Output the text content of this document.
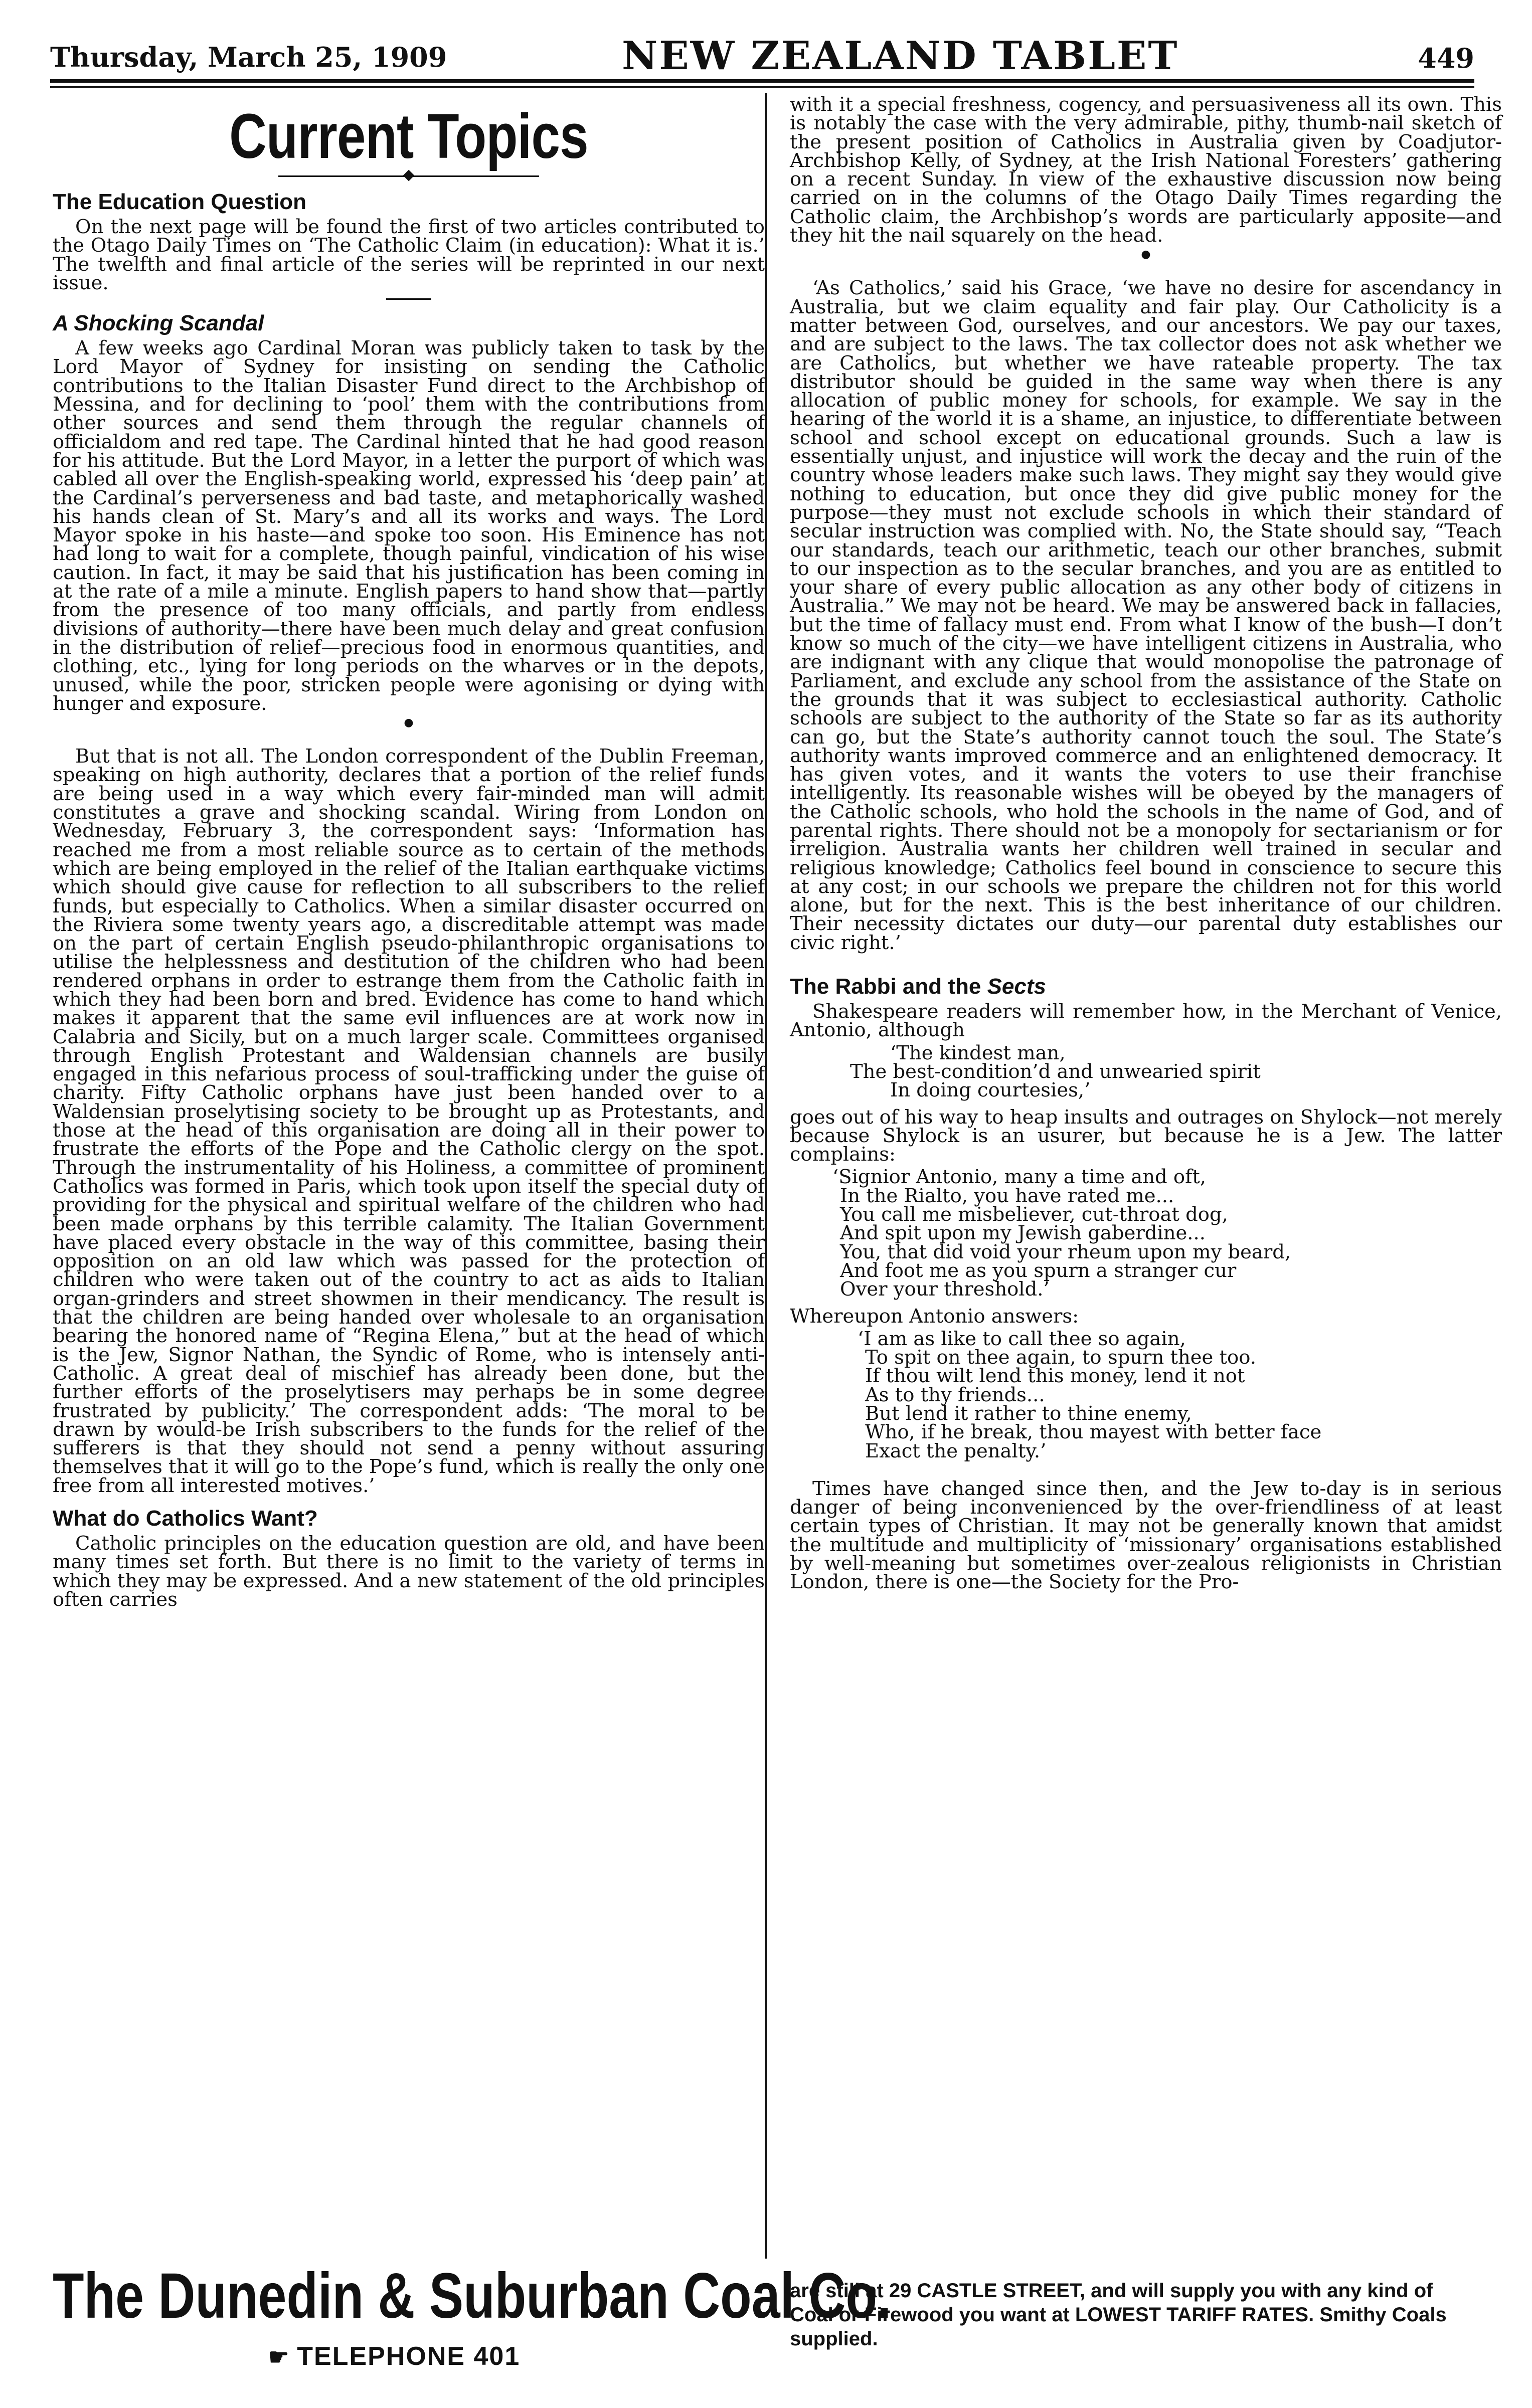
Thursday, March 25, 1909	NEW ZEALAND TABLET	449
Current Topics
The Education Question

On the next page will be found the first of two articles contributed to the Otago Daily Times on ‘The Catholic Claim (in education): What it is.’ The twelfth and final article of the series will be reprinted in our next issue.

A Shocking Scandal

A few weeks ago Cardinal Moran was publicly taken to task by the Lord Mayor of Sydney for insisting on sending the Catholic contributions to the Italian Disaster Fund direct to the Archbishop of Messina, and for declining to ‘pool’ them with the contributions from other sources and send them through the regular channels of officialdom and red tape. The Cardinal hinted that he had good reason for his attitude. But the Lord Mayor, in a letter the purport of which was cabled all over the English-speaking world, expressed his ‘deep pain’ at the Cardinal’s perverseness and bad taste, and metaphorically washed his hands clean of St. Mary’s and all its works and ways. The Lord Mayor spoke in his haste—and spoke too soon. His Eminence has not had long to wait for a complete, though painful, vindication of his wise caution. In fact, it may be said that his justification has been coming in at the rate of a mile a minute. English papers to hand show that—partly from the presence of too many officials, and partly from endless divisions of authority—there have been much delay and great confusion in the distribution of relief—precious food in enormous quantities, and clothing, etc., lying for long periods on the wharves or in the depots, unused, while the poor, stricken people were agonising or dying with hunger and exposure.

●

But that is not all. The London correspondent of the Dublin Freeman, speaking on high authority, declares that a portion of the relief funds are being used in a way which every fair-minded man will admit constitutes a grave and shocking scandal. Wiring from London on Wednesday, February 3, the correspondent says: ‘Information has reached me from a most reliable source as to certain of the methods which are being employed in the relief of the Italian earthquake victims which should give cause for reflection to all subscribers to the relief funds, but especially to Catholics. When a similar disaster occurred on the Riviera some twenty years ago, a discreditable attempt was made on the part of certain English pseudo-philanthropic organisations to utilise the helplessness and destitution of the children who had been rendered orphans in order to estrange them from the Catholic faith in which they had been born and bred. Evidence has come to hand which makes it apparent that the same evil influences are at work now in Calabria and Sicily, but on a much larger scale. Committees organised through English Protestant and Waldensian channels are busily engaged in this nefarious process of soul-trafficking under the guise of charity. Fifty Catholic orphans have just been handed over to a Waldensian proselytising society to be brought up as Protestants, and those at the head of this organisation are doing all in their power to frustrate the efforts of the Pope and the Catholic clergy on the spot. Through the instrumentality of his Holiness, a committee of prominent Catholics was formed in Paris, which took upon itself the special duty of providing for the physical and spiritual welfare of the children who had been made orphans by this terrible calamity. The Italian Government have placed every obstacle in the way of this committee, basing their opposition on an old law which was passed for the protection of children who were taken out of the country to act as aids to Italian organ-grinders and street showmen in their mendicancy. The result is that the children are being handed over wholesale to an organisation bearing the honored name of “Regina Elena,” but at the head of which is the Jew, Signor Nathan, the Syndic of Rome, who is intensely anti-Catholic. A great deal of mischief has already been done, but the further efforts of the proselytisers may perhaps be in some degree frustrated by publicity.’ The correspondent adds: ‘The moral to be drawn by would-be Irish subscribers to the funds for the relief of the sufferers is that they should not send a penny without assuring themselves that it will go to the Pope’s fund, which is really the only one free from all interested motives.’

What do Catholics Want?

Catholic principles on the education question are old, and have been many times set forth. But there is no limit to the variety of terms in which they may be expressed. And a new statement of the old principles often carries

with it a special freshness, cogency, and persuasiveness all its own. This is notably the case with the very admirable, pithy, thumb-nail sketch of the present position of Catholics in Australia given by Coadjutor-Archbishop Kelly, of Sydney, at the Irish National Foresters’ gathering on a recent Sunday. In view of the exhaustive discussion now being carried on in the columns of the Otago Daily Times regarding the Catholic claim, the Archbishop’s words are particularly apposite—and they hit the nail squarely on the head.

●

‘As Catholics,’ said his Grace, ‘we have no desire for ascendancy in Australia, but we claim equality and fair play. Our Catholicity is a matter between God, ourselves, and our ancestors. We pay our taxes, and are subject to the laws. The tax collector does not ask whether we are Catholics, but whether we have rateable property. The tax distributor should be guided in the same way when there is any allocation of public money for schools, for example. We say in the hearing of the world it is a shame, an injustice, to differentiate between school and school except on educational grounds. Such a law is essentially unjust, and injustice will work the decay and the ruin of the country whose leaders make such laws. They might say they would give nothing to education, but once they did give public money for the purpose—they must not exclude schools in which their standard of secular instruction was complied with. No, the State should say, “Teach our standards, teach our arithmetic, teach our other branches, submit to our inspection as to the secular branches, and you are as entitled to your share of every public allocation as any other body of citizens in Australia.” We may not be heard. We may be answered back in fallacies, but the time of fallacy must end. From what I know of the bush—I don’t know so much of the city—we have intelligent citizens in Australia, who are indignant with any clique that would monopolise the patronage of Parliament, and exclude any school from the assistance of the State on the grounds that it was subject to ecclesiastical authority. Catholic schools are subject to the authority of the State so far as its authority can go, but the State’s authority cannot touch the soul. The State’s authority wants improved commerce and an enlightened democracy. It has given votes, and it wants the voters to use their franchise intelligently. Its reasonable wishes will be obeyed by the managers of the Catholic schools, who hold the schools in the name of God, and of parental rights. There should not be a monopoly for sectarianism or for irreligion. Australia wants her children well trained in secular and religious knowledge; Catholics feel bound in conscience to secure this at any cost; in our schools we prepare the children not for this world alone, but for the next. This is the best inheritance of our children. Their necessity dictates our duty—our parental duty establishes our civic right.’

The Rabbi and the Sects

Shakespeare readers will remember how, in the Merchant of Venice, Antonio, although

‘The kindest man,
The best-condition’d and unwearied spirit
In doing courtesies,’

goes out of his way to heap insults and outrages on Shylock—not merely because Shylock is an usurer, but because he is a Jew. The latter complains:

‘Signior Antonio, many a time and oft,
In the Rialto, you have rated me...
You call me misbeliever, cut-throat dog,
And spit upon my Jewish gaberdine...
You, that did void your rheum upon my beard,
And foot me as you spurn a stranger cur
Over your threshold.’

Whereupon Antonio answers:

‘I am as like to call thee so again,
To spit on thee again, to spurn thee too.
If thou wilt lend this money, lend it not
As to thy friends...
But lend it rather to thine enemy,
Who, if he break, thou mayest with better face
Exact the penalty.’

Times have changed since then, and the Jew to-day is in serious danger of being inconvenienced by the over-friendliness of at least certain types of Christian. It may not be generally known that amidst the multitude and multiplicity of ‘missionary’ organisations established by well-meaning but sometimes over-zealous religionists in Christian London, there is one—the Society for the Pro-

The Dunedin & Suburban Coal Co.
☛ TELEPHONE 401
are still at 29 CASTLE STREET, and will supply you with any kind of Coal or Firewood you want at LOWEST TARIFF RATES. Smithy Coals supplied.
